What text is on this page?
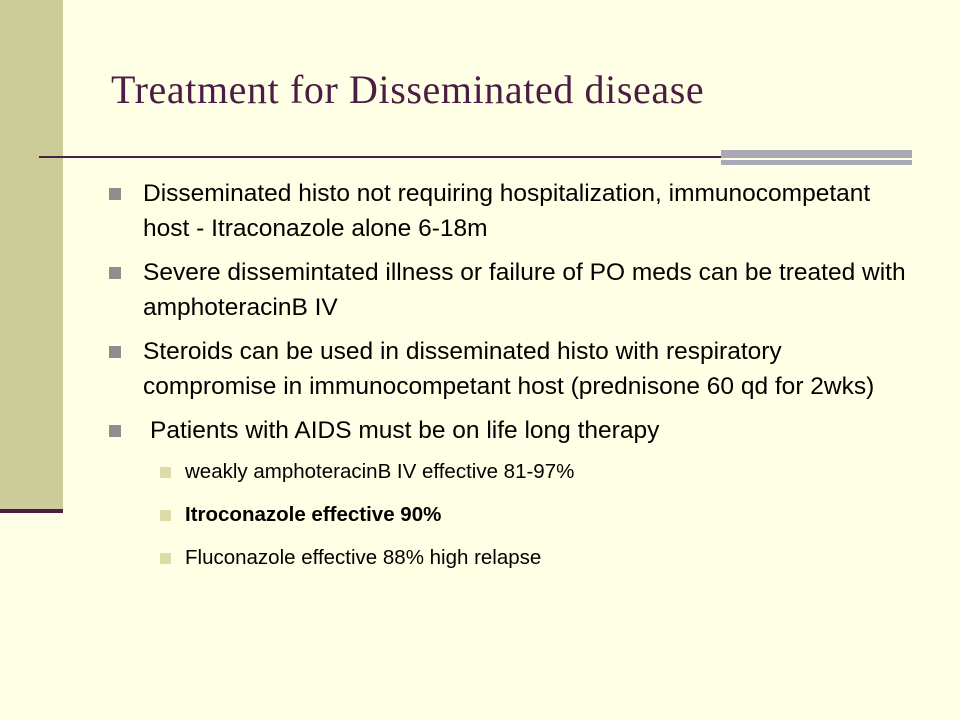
Treatment for Disseminated disease
Disseminated histo not requiring hospitalization, immunocompetant host - Itraconazole alone 6-18m
Severe dissemintated illness or failure of PO meds can be treated with amphoteracinB IV
Steroids can be used in disseminated histo with respiratory compromise in immunocompetant host (prednisone 60 qd for 2wks)
Patients with AIDS must be on life long therapy
weakly amphoteracinB IV effective 81-97%
Itroconazole effective 90%
Fluconazole effective 88% high relapse
